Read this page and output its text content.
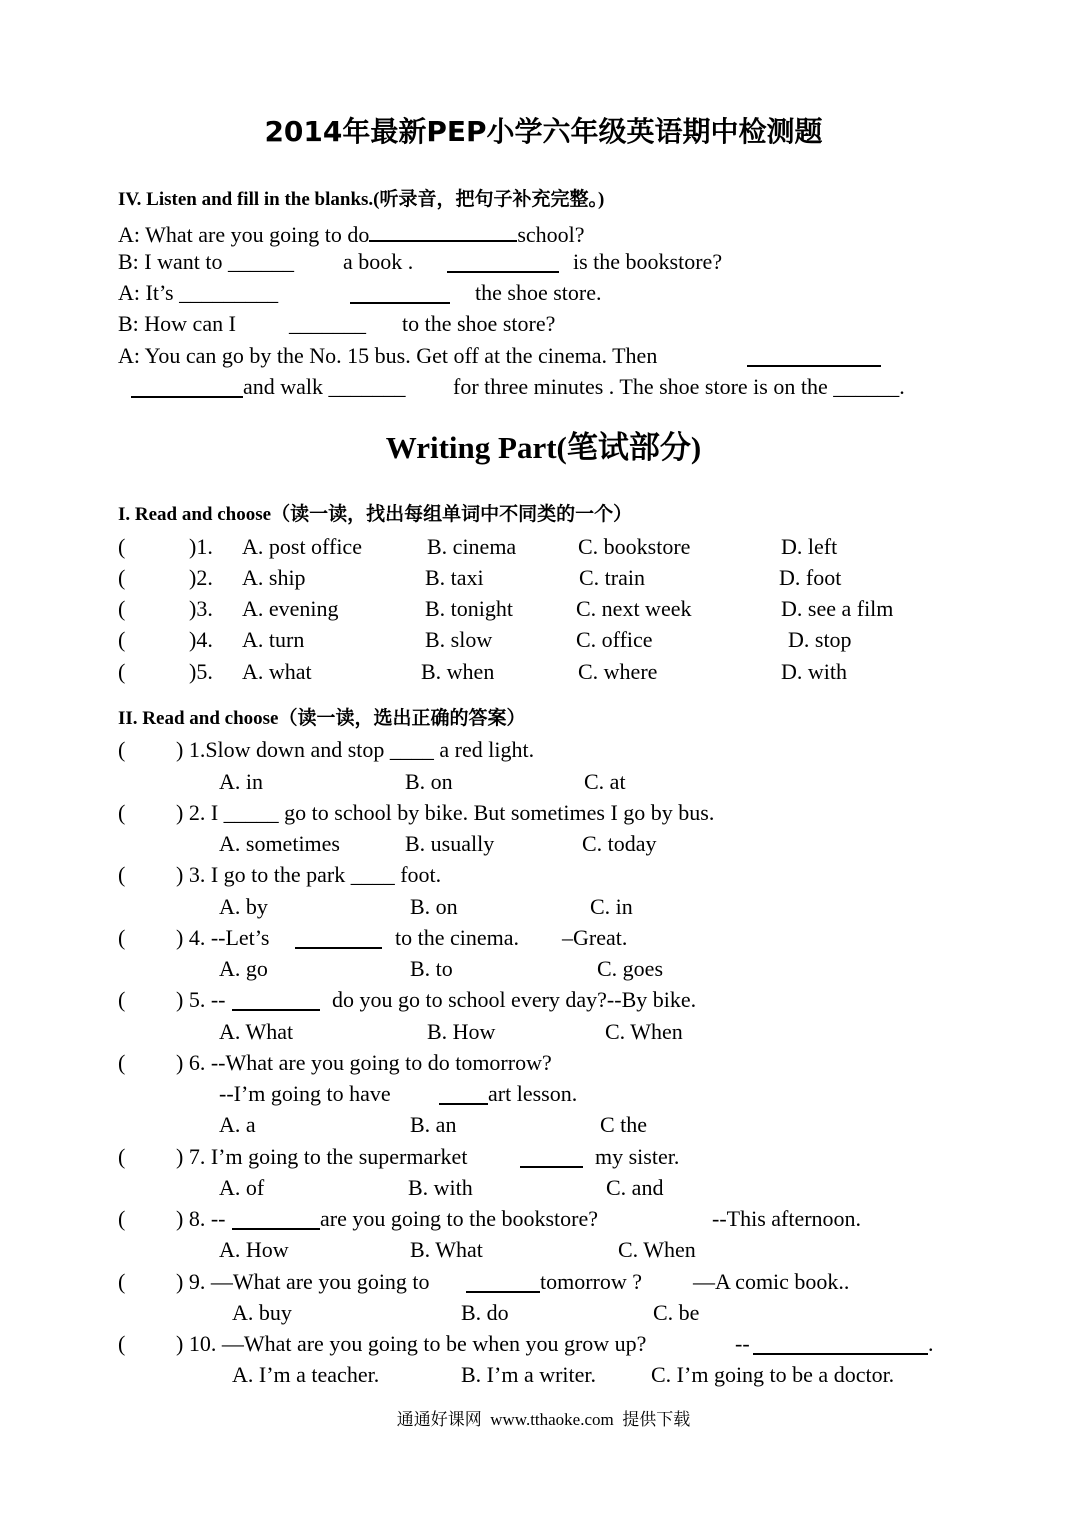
2014年最新PEP小学六年级英语期中检测题
IV. Listen and fill in the blanks.(听录音，把句子补充完整。)
A: What are you going to do	school?
B: I want to ______ a book .	is the bookstore?
A: It’s _________	the shoe store.
B: How can I _______ to the shoe store?
A: You can go by the No. 15 bus. Get off at the cinema. Then
and walk _______ for three minutes . The shoe store is on the ______.
Writing Part(笔试部分)
I. Read and choose（读一读，找出每组单词中不同类的一个）
(	)1. A. post office	B. cinema	C. bookstore	D. left
(	)2. A. ship	B. taxi	C. train	D. foot
(	)3. A. evening	B. tonight	C. next week	D. see a film
(	)4. A. turn	B. slow	C. office	D. stop
(	)5. A. what	B. when	C. where	D. with
II. Read and choose（读一读，选出正确的答案）
( ) 1.Slow down and stop ____ a red light.
A. in	B. on	C. at
( ) 2. I _____ go to school by bike. But sometimes I go by bus.
A. sometimes	B. usually	C. today
( ) 3. I go to the park ____ foot.
A. by	B. on	C. in
( ) 4. --Let’s	to the cinema. –Great.
A. go	B. to	C. goes
( ) 5. --	do you go to school every day?--By bike.
A. What	B. How	C. When
( ) 6. --What are you going to do tomorrow?
--I’m going to have	art lesson.
A. a	B. an	C the
( ) 7. I’m going to the supermarket	my sister.
A. of	B. with	C. and
( ) 8. --	are you going to the bookstore?	--This afternoon.
A. How	B. What	C. When
( ) 9. —What are you going to	tomorrow ? —A comic book..
A. buy	B. do	C. be
( ) 10. —What are you going to be when you grow up?	--	.
A. I’m a teacher.	B. I’m a writer. C. I’m going to be a doctor.
通通好课网  www.tthaoke.com  提供下载
